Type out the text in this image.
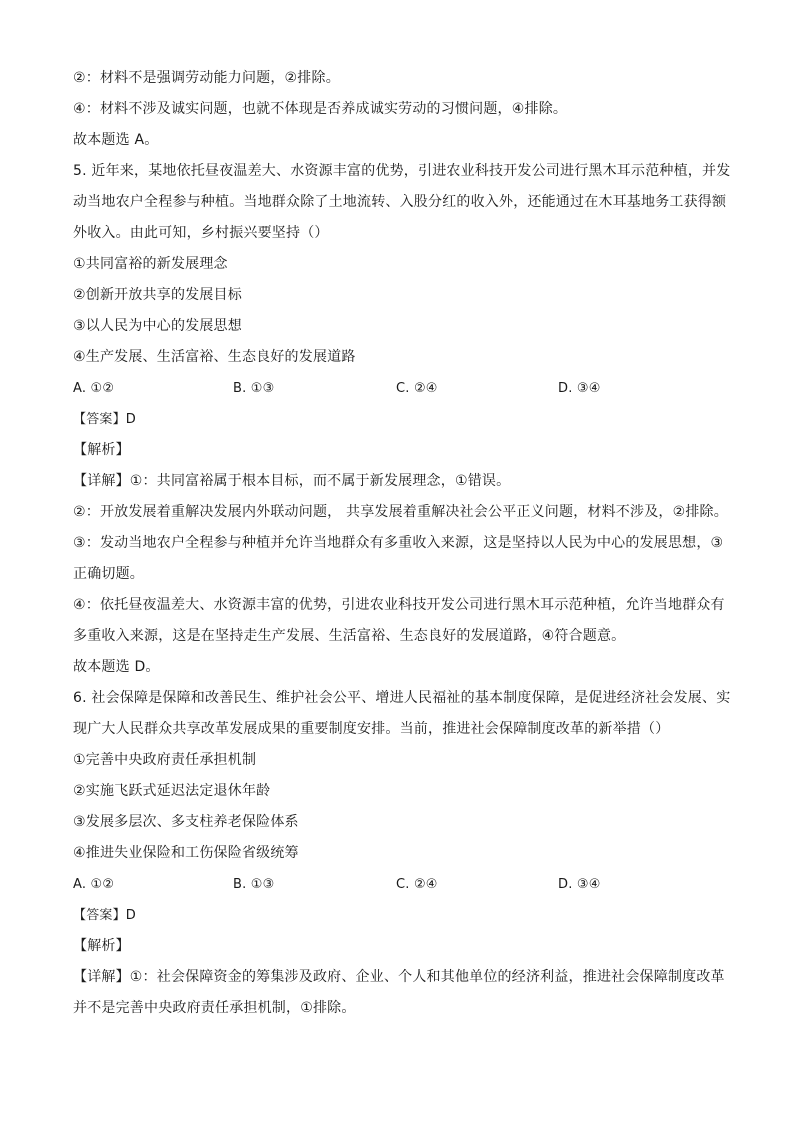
②：材料不是强调劳动能力问题，②排除。
④：材料不涉及诚实问题，也就不体现是否养成诚实劳动的习惯问题，④排除。
故本题选 A。
5. 近年来，某地依托昼夜温差大、水资源丰富的优势，引进农业科技开发公司进行黑木耳示范种植，并发
动当地农户全程参与种植。当地群众除了土地流转、入股分红的收入外，还能通过在木耳基地务工获得额
外收入。由此可知，乡村振兴要坚持（）
①共同富裕的新发展理念
②创新开放共享的发展目标
③以人民为中心的发展思想
④生产发展、生活富裕、生态良好的发展道路
A. ①②	B. ①③	C. ②④	D. ③④
【答案】D
【解析】
【详解】①：共同富裕属于根本目标，而不属于新发展理念，①错误。
②：开放发展着重解决发展内外联动问题， 共享发展着重解决社会公平正义问题，材料不涉及，②排除。
③：发动当地农户全程参与种植并允许当地群众有多重收入来源，这是坚持以人民为中心的发展思想，③
正确切题。
④：依托昼夜温差大、水资源丰富的优势，引进农业科技开发公司进行黑木耳示范种植，允许当地群众有
多重收入来源，这是在坚持走生产发展、生活富裕、生态良好的发展道路，④符合题意。
故本题选 D。
6. 社会保障是保障和改善民生、维护社会公平、增进人民福祉的基本制度保障，是促进经济社会发展、实
现广大人民群众共享改革发展成果的重要制度安排。当前，推进社会保障制度改革的新举措（）
①完善中央政府责任承担机制
②实施飞跃式延迟法定退休年龄
③发展多层次、多支柱养老保险体系
④推进失业保险和工伤保险省级统筹
A. ①②	B. ①③	C. ②④	D. ③④
【答案】D
【解析】
【详解】①：社会保障资金的筹集涉及政府、企业、个人和其他单位的经济利益，推进社会保障制度改革
并不是完善中央政府责任承担机制，①排除。
